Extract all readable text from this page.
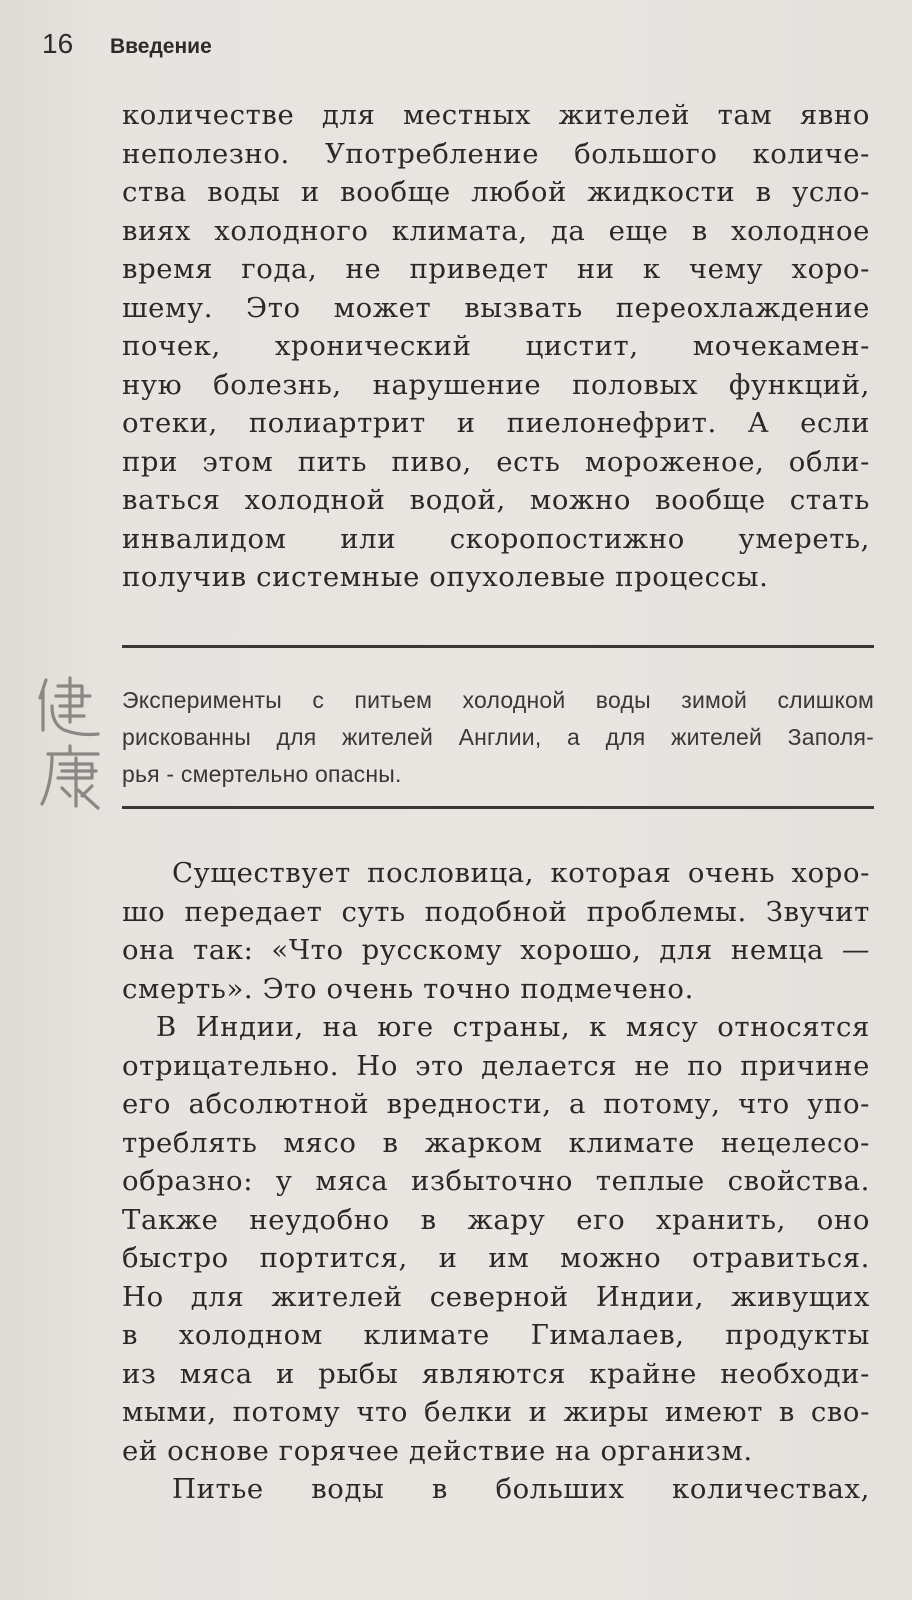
16	Введение
количестве для местных жителей там явно
неполезно. Употребление большого количе-
ства воды и вообще любой жидкости в усло-
виях холодного климата, да еще в холодное
время года, не приведет ни к чему хоро-
шему. Это может вызвать переохлаждение
почек, хронический цистит, мочекамен-
ную болезнь, нарушение половых функций,
отеки, полиартрит и пиелонефрит. А если
при этом пить пиво, есть мороженое, обли-
ваться холодной водой, можно вообще стать
инвалидом или скоропостижно умереть,
получив системные опухолевые процессы.
Эксперименты с питьем холодной воды зимой слишком
рискованны для жителей Англии, а для жителей Заполя-
рья - смертельно опасны.
Существует пословица, которая очень хоро-
шо передает суть подобной проблемы. Звучит
она так: «Что русскому хорошо, для немца —
смерть». Это очень точно подмечено.
В Индии, на юге страны, к мясу относятся
отрицательно. Но это делается не по причине
его абсолютной вредности, а потому, что упо-
треблять мясо в жарком климате нецелесо-
образно: у мяса избыточно теплые свойства.
Также неудобно в жару его хранить, оно
быстро портится, и им можно отравиться.
Но для жителей северной Индии, живущих
в холодном климате Гималаев, продукты
из мяса и рыбы являются крайне необходи-
мыми, потому что белки и жиры имеют в сво-
ей основе горячее действие на организм.
Питье воды в больших количествах,
